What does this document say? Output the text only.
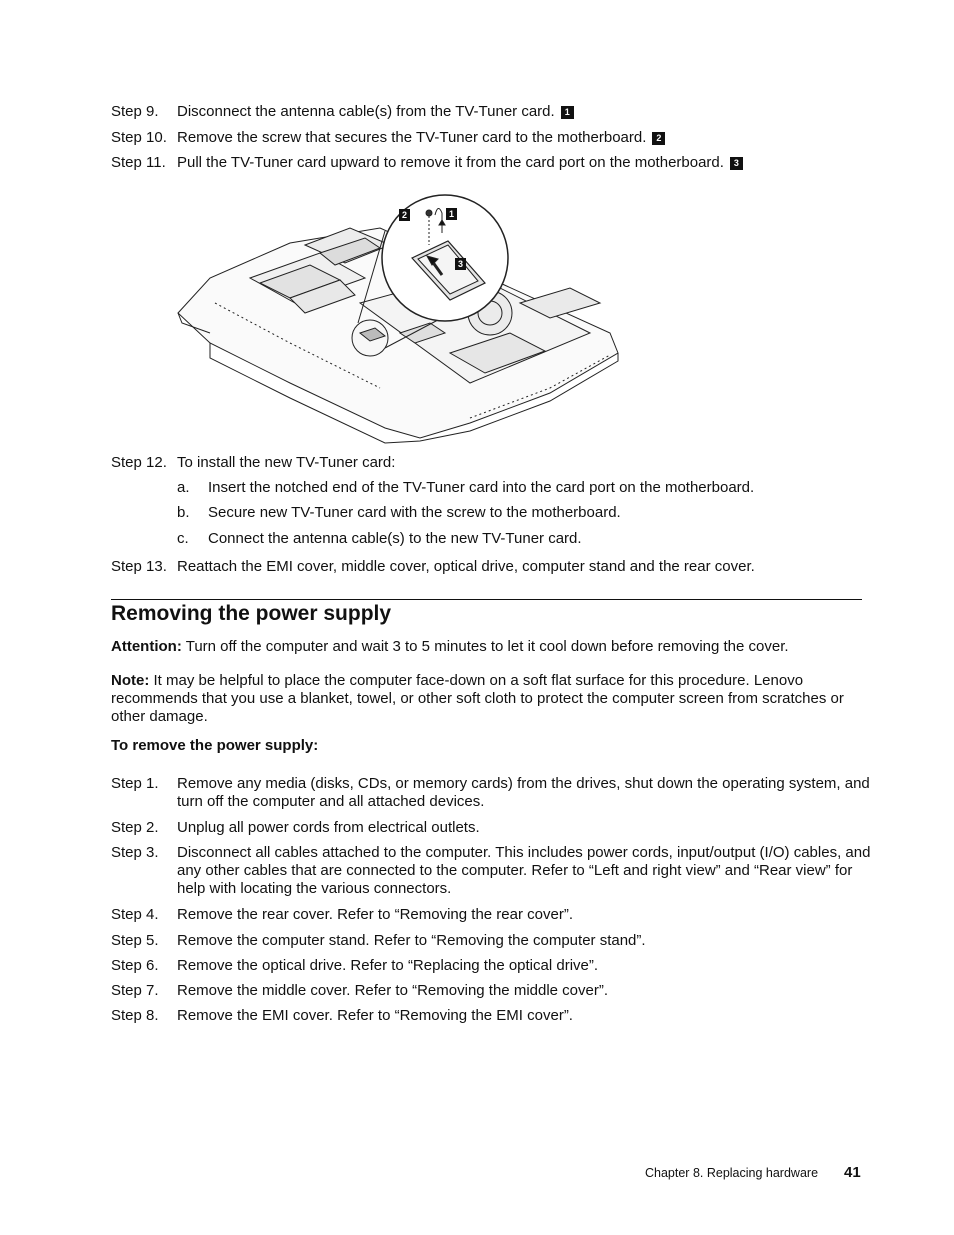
Step 9.	Disconnect the antenna cable(s) from the TV-Tuner card. 1
Step 10. Remove the screw that secures the TV-Tuner card to the motherboard. 2
Step 11. Pull the TV-Tuner card upward to remove it from the card port on the motherboard. 3
2	1
3
Step 12. To install the new TV-Tuner card:
a. Insert the notched end of the TV-Tuner card into the card port on the motherboard.
b. Secure new TV-Tuner card with the screw to the motherboard.
c. Connect the antenna cable(s) to the new TV-Tuner card.
Step 13. Reattach the EMI cover, middle cover, optical drive, computer stand and the rear cover.
Removing the power supply
Attention: Turn off the computer and wait 3 to 5 minutes to let it cool down before removing the cover.
Note: It may be helpful to place the computer face-down on a soft flat surface for this procedure. Lenovo recommends that you use a blanket, towel, or other soft cloth to protect the computer screen from scratches or other damage.
To remove the power supply:
Step 1.	Remove any media (disks, CDs, or memory cards) from the drives, shut down the operating system, and turn off the computer and all attached devices.
Step 2.	Unplug all power cords from electrical outlets.
Step 3.	Disconnect all cables attached to the computer. This includes power cords, input/output (I/O) cables, and any other cables that are connected to the computer. Refer to “Left and right view” and “Rear view” for help with locating the various connectors.
Step 4.	Remove the rear cover. Refer to “Removing the rear cover”.
Step 5.	Remove the computer stand. Refer to “Removing the computer stand”.
Step 6.	Remove the optical drive. Refer to “Replacing the optical drive”.
Step 7.	Remove the middle cover. Refer to “Removing the middle cover”.
Step 8.	Remove the EMI cover. Refer to “Removing the EMI cover”.
Chapter 8. Replacing hardware 41
